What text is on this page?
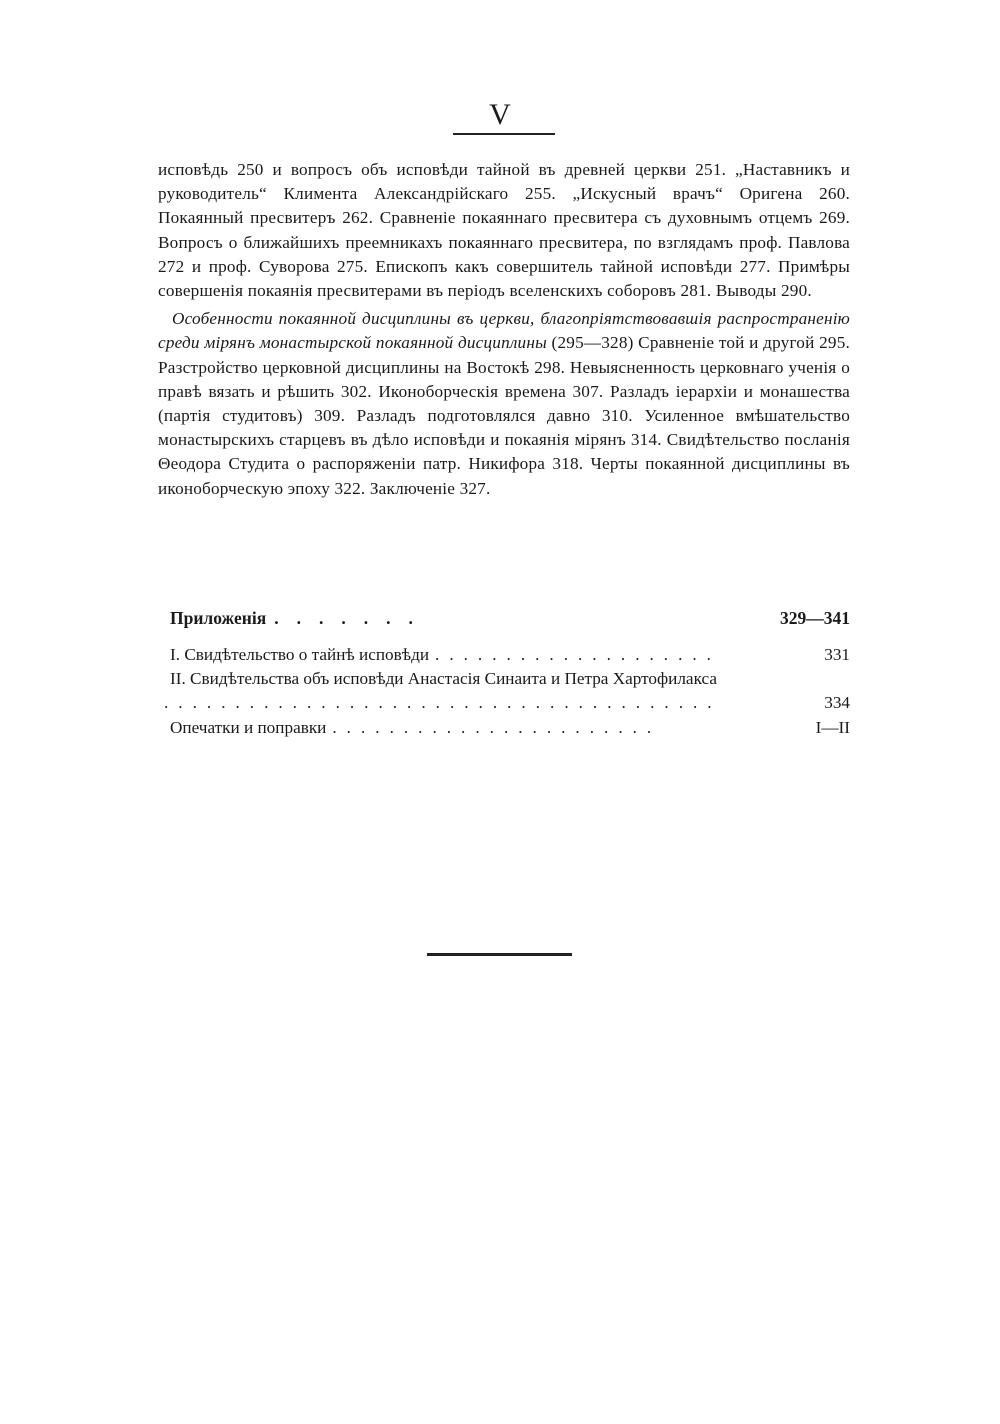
V

исповѣдь 250 и вопросъ объ исповѣди тайной въ древней церкви 251. „Наставникъ и руководитель“ Климента Александрійскаго 255. „Искусный врачъ“ Оригена 260. Покаянный пресвитеръ 262. Сравненіе покаяннаго пресвитера съ духовнымъ отцемъ 269. Вопросъ о ближайшихъ преемникахъ покаяннаго пресвитера, по взглядамъ проф. Павлова 272 и проф. Суворова 275. Епископъ какъ совершитель тайной исповѣди 277. Примѣры совершенія покаянія пресвитерами въ періодъ вселенскихъ соборовъ 281. Выводы 290.

Особенности покаянной дисциплины въ церкви, благопріятствовавшія распространенію среди мірянъ монастырской покаянной дисциплины (295—328) Сравненіе той и другой 295. Разстройство церковной дисциплины на Востокѣ 298. Невыясненность церковнаго ученія о правѣ вязать и рѣшить 302. Иконоборческія времена 307. Разладъ іерархіи и монашества (партія студитовъ) 309. Разладъ подготовлялся давно 310. Усиленное вмѣшательство монастырскихъ старцевъ въ дѣло исповѣди и покаянія мірянъ 314. Свидѣтельство посланія Θеодора Студита о распоряженіи патр. Никифора 318. Черты покаянной дисциплины въ иконоборческую эпоху 322. Заключеніе 327.

Приложенія .......	329—341
I. Свидѣтельство о тайнѣ исповѣди ....................	331
II. Свидѣтельства объ исповѣди Анастасія Синаита и Петра Хартофилакса
.......................................	334
Опечатки и поправки .......................	I—II
